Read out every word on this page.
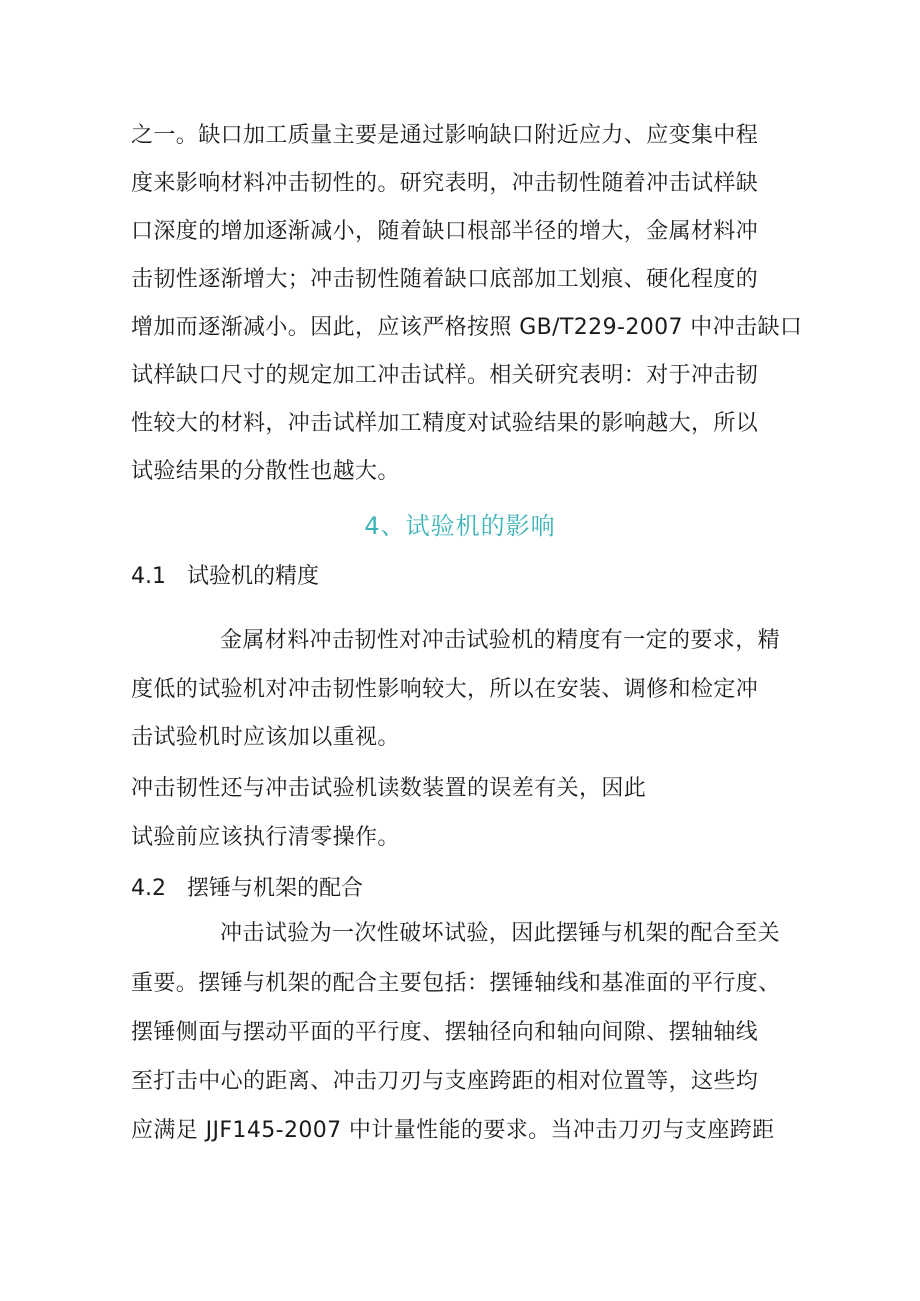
之一。缺口加工质量主要是通过影响缺口附近应力、应变集中程
度来影响材料冲击韧性的。研究表明，冲击韧性随着冲击试样缺
口深度的增加逐渐减小，随着缺口根部半径的增大，金属材料冲
击韧性逐渐增大；冲击韧性随着缺口底部加工划痕、硬化程度的
增加而逐渐减小。因此，应该严格按照 GB/T229-2007 中冲击缺口
试样缺口尺寸的规定加工冲击试样。相关研究表明：对于冲击韧
性较大的材料，冲击试样加工精度对试验结果的影响越大，所以
试验结果的分散性也越大。
4、试验机的影响
4.1 试验机的精度
金属材料冲击韧性对冲击试验机的精度有一定的要求，精
度低的试验机对冲击韧性影响较大，所以在安装、调修和检定冲
击试验机时应该加以重视。
冲击韧性还与冲击试验机读数装置的误差有关，因此
试验前应该执行清零操作。
4.2 摆锤与机架的配合
冲击试验为一次性破坏试验，因此摆锤与机架的配合至关
重要。摆锤与机架的配合主要包括：摆锤轴线和基准面的平行度、
摆锤侧面与摆动平面的平行度、摆轴径向和轴向间隙、摆轴轴线
至打击中心的距离、冲击刀刃与支座跨距的相对位置等，这些均
应满足 JJF145-2007 中计量性能的要求。当冲击刀刃与支座跨距
